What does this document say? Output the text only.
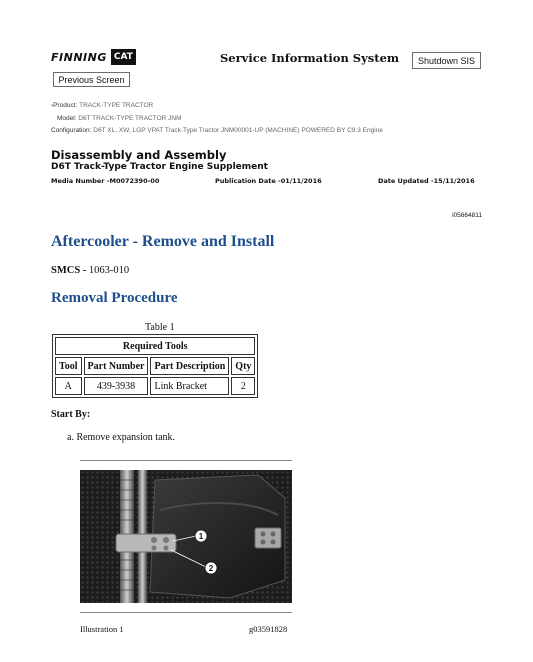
FINNING CAT	Service Information System	Shutdown SIS
Previous Screen
‹Product: TRACK-TYPE TRACTOR
Model: D6T TRACK-TYPE TRACTOR JNM
Configuration: D6T XL, XW, LGP VPAT Track-Type Tractor JNM00001-UP (MACHINE) POWERED BY C9.3 Engine
Disassembly and Assembly
D6T Track-Type Tractor Engine Supplement
Media Number -M0072390-00	Publication Date -01/11/2016	Date Updated -15/11/2016
i05664811
Aftercooler - Remove and Install
SMCS - 1063-010
Removal Procedure
Table 1
Required Tools			
Tool	Part Number	Part Description	Qty
A	439-3938	Link Bracket	2
Start By:
a. Remove expansion tank.
1
2
Illustration 1	g03591828
